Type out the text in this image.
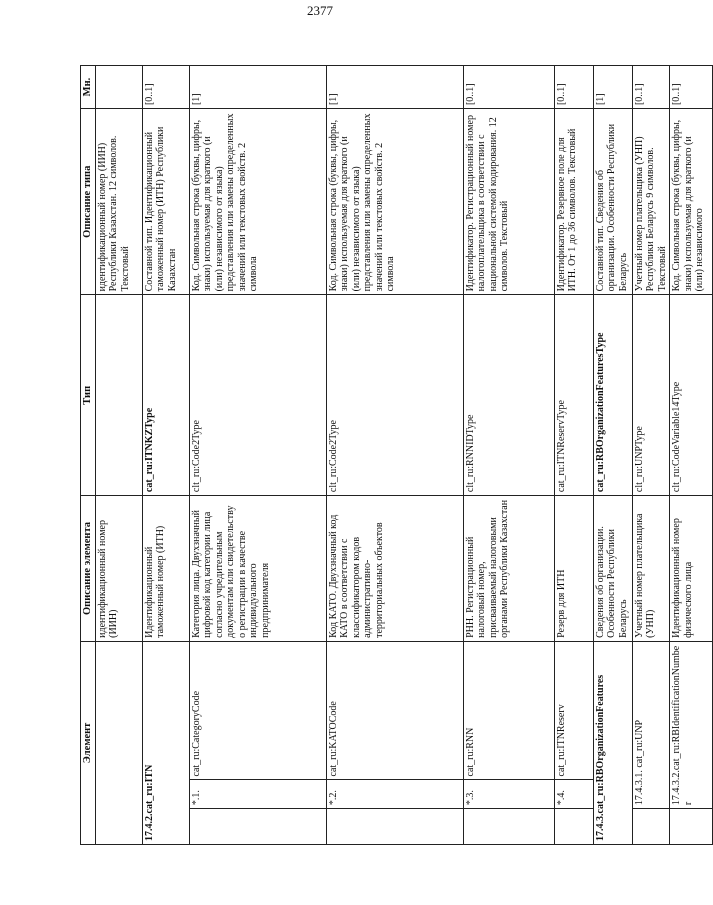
2377
Элемент			Описание элемента	Тип	Описание типа	Мн.
			идентификационный номер (ИИН)		идентификационный номер (ИИН) Республики Казахстан. 12 символов. Текстовый	
17.4.2.cat_ru:ITN			Идентификационный таможенный номер (ИТН)	cat_ru:ITNKZType	Составной тип. Идентификационный таможенный номер (ИТН) Республики Казахстан	[0..1]
	*.1.	cat_ru:CategoryCode	Категория лица. Двухзначный цифровой код категории лица согласно учредительным документам или свидетельству о регистрации в качестве индивидуального предпринимателя	clt_ru:Code2Type	Код. Символьная строка (буквы, цифры, знаки) используемая для краткого (и (или) независимого от языка) представления или замены определенных значений или текстовых свойств. 2 символа	[1]
	*.2.	cat_ru:KATOCode	Код КАТО. Двухзначный код КАТО в соответствии с классификатором кодов административно-территориальных объектов	clt_ru:Code2Type	Код. Символьная строка (буквы, цифры, знаки) используемая для краткого (и (или) независимого от языка) представления или замены определенных значений или текстовых свойств. 2 символа	[1]
	*.3.	cat_ru:RNN	РНН. Регистрационный налоговый номер, присваиваемый налоговыми органами Республики Казахстан	clt_ru:RNNIDType	Идентификатор. Регистрационный номер налогоплательщика в соответствии с национальной системой кодирования. 12 символов. Текстовый	[0..1]
	*.4.	cat_ru:ITNReserv	Резерв для ИТН	cat_ru:ITNReservType	Идентификатор. Резервное поле для ИТН. От 1 до 36 символов. Текстовый	[0..1]
17.4.3.cat_ru:RBOrganizationFeatures			Сведения об организации. Особенности Республики Беларусь	cat_ru:RBOrganizationFeaturesType	Составной тип. Сведения об организации. Особенности Республики Беларусь	[1]
	17.4.3.1. cat_ru:UNP		Учетный номер плательщика (УНП)	clt_ru:UNPType	Учетный номер плательщика (УНП) Республики Беларусь 9 символов. Текстовый	[0..1]
	17.4.3.2.cat_ru:RBIdentificationNumber		Идентификационный номер физического лица	clt_ru:CodeVariable14Type	Код. Символьная строка (буквы, цифры, знаки) используемая для краткого (и (или) независимого	[0..1]
